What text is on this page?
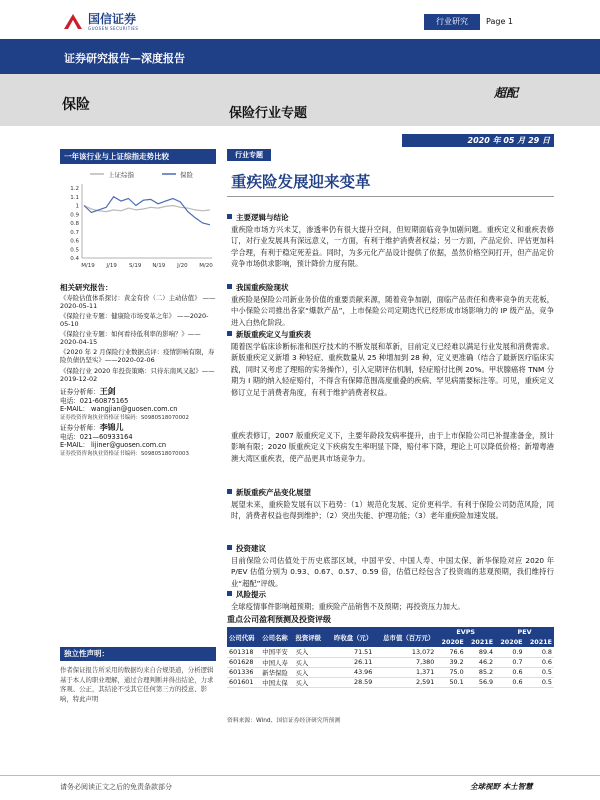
国信证券
GUOSEN SECURITIES
行业研究	Page 1
证券研究报告—深度报告
保险
保险行业专题
超配
2020 年 05 月 29 日
一年该行业与上证综指走势比较
上证综指	保险
1.2
1.1
1
0.9
0.8
0.7
0.6
0.5
0.4
M/19 J/19 S/19 N/19 J/20 M/20
相关研究报告：
《寿险估值体系探讨：黄金有价（二）主动估值》 ——2020-05-11
《保险行业专题：健康险市场变革之年》 ——2020-05-10
《保险行业专题：如何看待低利率的影响？》——2020-04-15
《2020 年 2 月保险行业数据点评：疫情影响有限，寿险负债仍坚实》——2020-02-06
《保险行业 2020 年投资策略：只待东南风又起》——2019-12-02
证券分析师：王剑
电话：021-60875165
E-MAIL： wangjian@guosen.com.cn
证券投资咨询执业资格证书编码：S0980518070002
证券分析师：李锦儿
电话：021—60933164
E-MAIL： lijiner@guosen.com.cn
证券投资咨询执业资格证书编码：S0980518070003
独立性声明：
作者保证报告所采用的数据均来自合规渠道，分析逻辑基于本人的职业理解，通过合理判断并得出结论，力求客观、公正，其结论不受其它任何第三方的授意、影响，特此声明
行业专题
重疾险发展迎来变革
主要逻辑与结论
重疾险市场方兴未艾，渗透率仍有很大提升空间，但短期面临竞争加剧问题。重疾定义和重疾表修订，对行业发展具有深远意义，一方面，有利于维护消费者权益；另一方面，产品定价、评估更加科学合理，有利于稳定死差益。同时，为多元化产品设计提供了依据，虽然价格空间打开，但产品定价竞争市场供求影响，预计降价力度有限。
我国重疾险现状
重疾险是保险公司新业务价值的重要贡献来源，随着竞争加剧，面临产品责任和费率竞争的天花板，中小保险公司推出各家“爆款产品”，上市保险公司定期迭代已经形成市场影响力的 IP 级产品，竞争进入白热化阶段。
新版重疾定义与重疾表
随着医学临床诊断标准和医疗技术的不断发展和革新，目前定义已经难以满足行业发展和消费需求。新版重疾定义新增 3 种轻症、重疾数量从 25 种增加到 28 种，定义更准确（结合了最新医疗临床实践，同时又考虑了理赔的实务操作），引入定期评估机制，轻症赔付比例 20%。甲状腺癌将 TNM 分期为 I 期的纳入轻症赔付，不得含有保障范围高度重叠的疾病、罕见病需要标注等。可见，重疾定义修订立足于消费者角度，有利于维护消费者权益。
重疾表修订，2007 版重疾定义下，主要年龄段发病率提升，由于上市保险公司已补提准备金，预计影响有限；2020 版重疾定义下疾病发生率明显下降，赔付率下降，理论上可以降低价格；新增粤港澳大湾区重疾表，使产品更具市场竞争力。
新版重疾产品变化展望
展望未来，重疾险发展有以下趋势：（1）规范化发展、定价更科学。有利于保险公司防范风险，同时，消费者权益也得到维护；（2）突出失能、护理功能；（3）老年重疾险加速发展。
投资建议
目前保险公司估值处于历史底部区域，中国平安、中国人寿、中国太保、新华保险对应 2020 年 P/EV 估值分别为 0.93、0.67、0.57、0.59 倍，估值已经包含了投资端的悲观预期，我们维持行业“超配”评级。
风险提示
全球疫情事件影响超预期；重疾险产品销售不及预期；再投资压力加大。
重点公司盈利预测及投资评级
公司代码	公司名称	投资评级	昨收盘（元）	总市值（百万元）	EVPS		PEV	
					2020E	2021E	2020E	2021E
601318	中国平安	买入	71.51	13,072	76.6	89.4	0.9	0.8
601628	中国人寿	买入	26.11	7,380	39.2	46.2	0.7	0.6
601336	新华保险	买入	43.96	1,371	75.0	85.2	0.6	0.5
601601	中国太保	买入	28.59	2,591	50.1	56.9	0.6	0.5
资料来源：Wind、国信证券经济研究所预测
请务必阅读正文之后的免责条款部分	全球视野 本土智慧
